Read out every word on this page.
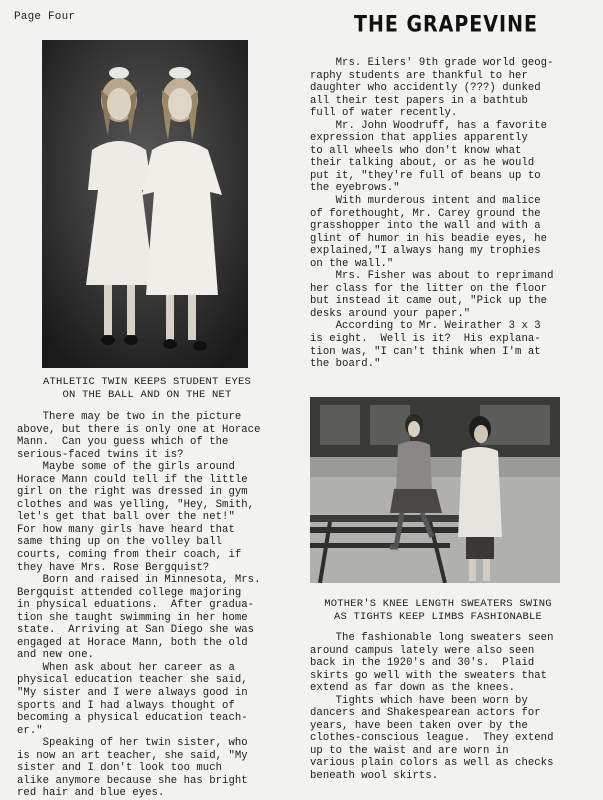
Page Four	THE GRAPEVINE
ATHLETIC TWIN KEEPS STUDENT EYES
ON THE BALL AND ON THE NET
MOTHER'S KNEE LENGTH SWEATERS SWING
AS TIGHTS KEEP LIMBS FASHIONABLE

Mrs. Eilers' 9th grade world geog-

raphy students are thankful to her

daughter who accidently (???) dunked

all their test papers in a bathtub

full of water recently.

Mr. John Woodruff, has a favorite

expression that applies apparently

to all wheels who don't know what

their talking about, or as he would

put it, "they're full of beans up to

the eyebrows."

With murderous intent and malice

of forethought, Mr. Carey ground the

grasshopper into the wall and with a

glint of humor in his beadie eyes, he

explained,"I always hang my trophies

on the wall."

Mrs. Fisher was about to reprimand

her class for the litter on the floor

but instead it came out, "Pick up the

desks around your paper."

According to Mr. Weirather 3 x 3

is eight.  Well is it?  His explana-

tion was, "I can't think when I'm at

the board."

There may be two in the picture

above, but there is only one at Horace

Mann.  Can you guess which of the

serious-faced twins it is?

Maybe some of the girls around

Horace Mann could tell if the little

girl on the right was dressed in gym

clothes and was yelling, "Hey, Smith,

let's get that ball over the net!"

For how many girls have heard that

same thing up on the volley ball

courts, coming from their coach, if

they have Mrs. Rose Bergquist?

Born and raised in Minnesota, Mrs.

Bergquist attended college majoring

in physical eduations.  After gradua-

tion she taught swimming in her home

state.  Arriving at San Diego she was

engaged at Horace Mann, both the old

and new one.

When ask about her career as a

physical education teacher she said,

"My sister and I were always good in

sports and I had always thought of

becoming a physical education teach-

er."

Speaking of her twin sister, who

is now an art teacher, she said, "My

sister and I don't look too much

alike anymore because she has bright

red hair and blue eyes.

The fashionable long sweaters seen

around campus lately were also seen

back in the 1920's and 30's.  Plaid

skirts go well with the sweaters that

extend as far down as the knees.

Tights which have been worn by

dancers and Shakespearean actors for

years, have been taken over by the

clothes-conscious league.  They extend

up to the waist and are worn in

various plain colors as well as checks

beneath wool skirts.
